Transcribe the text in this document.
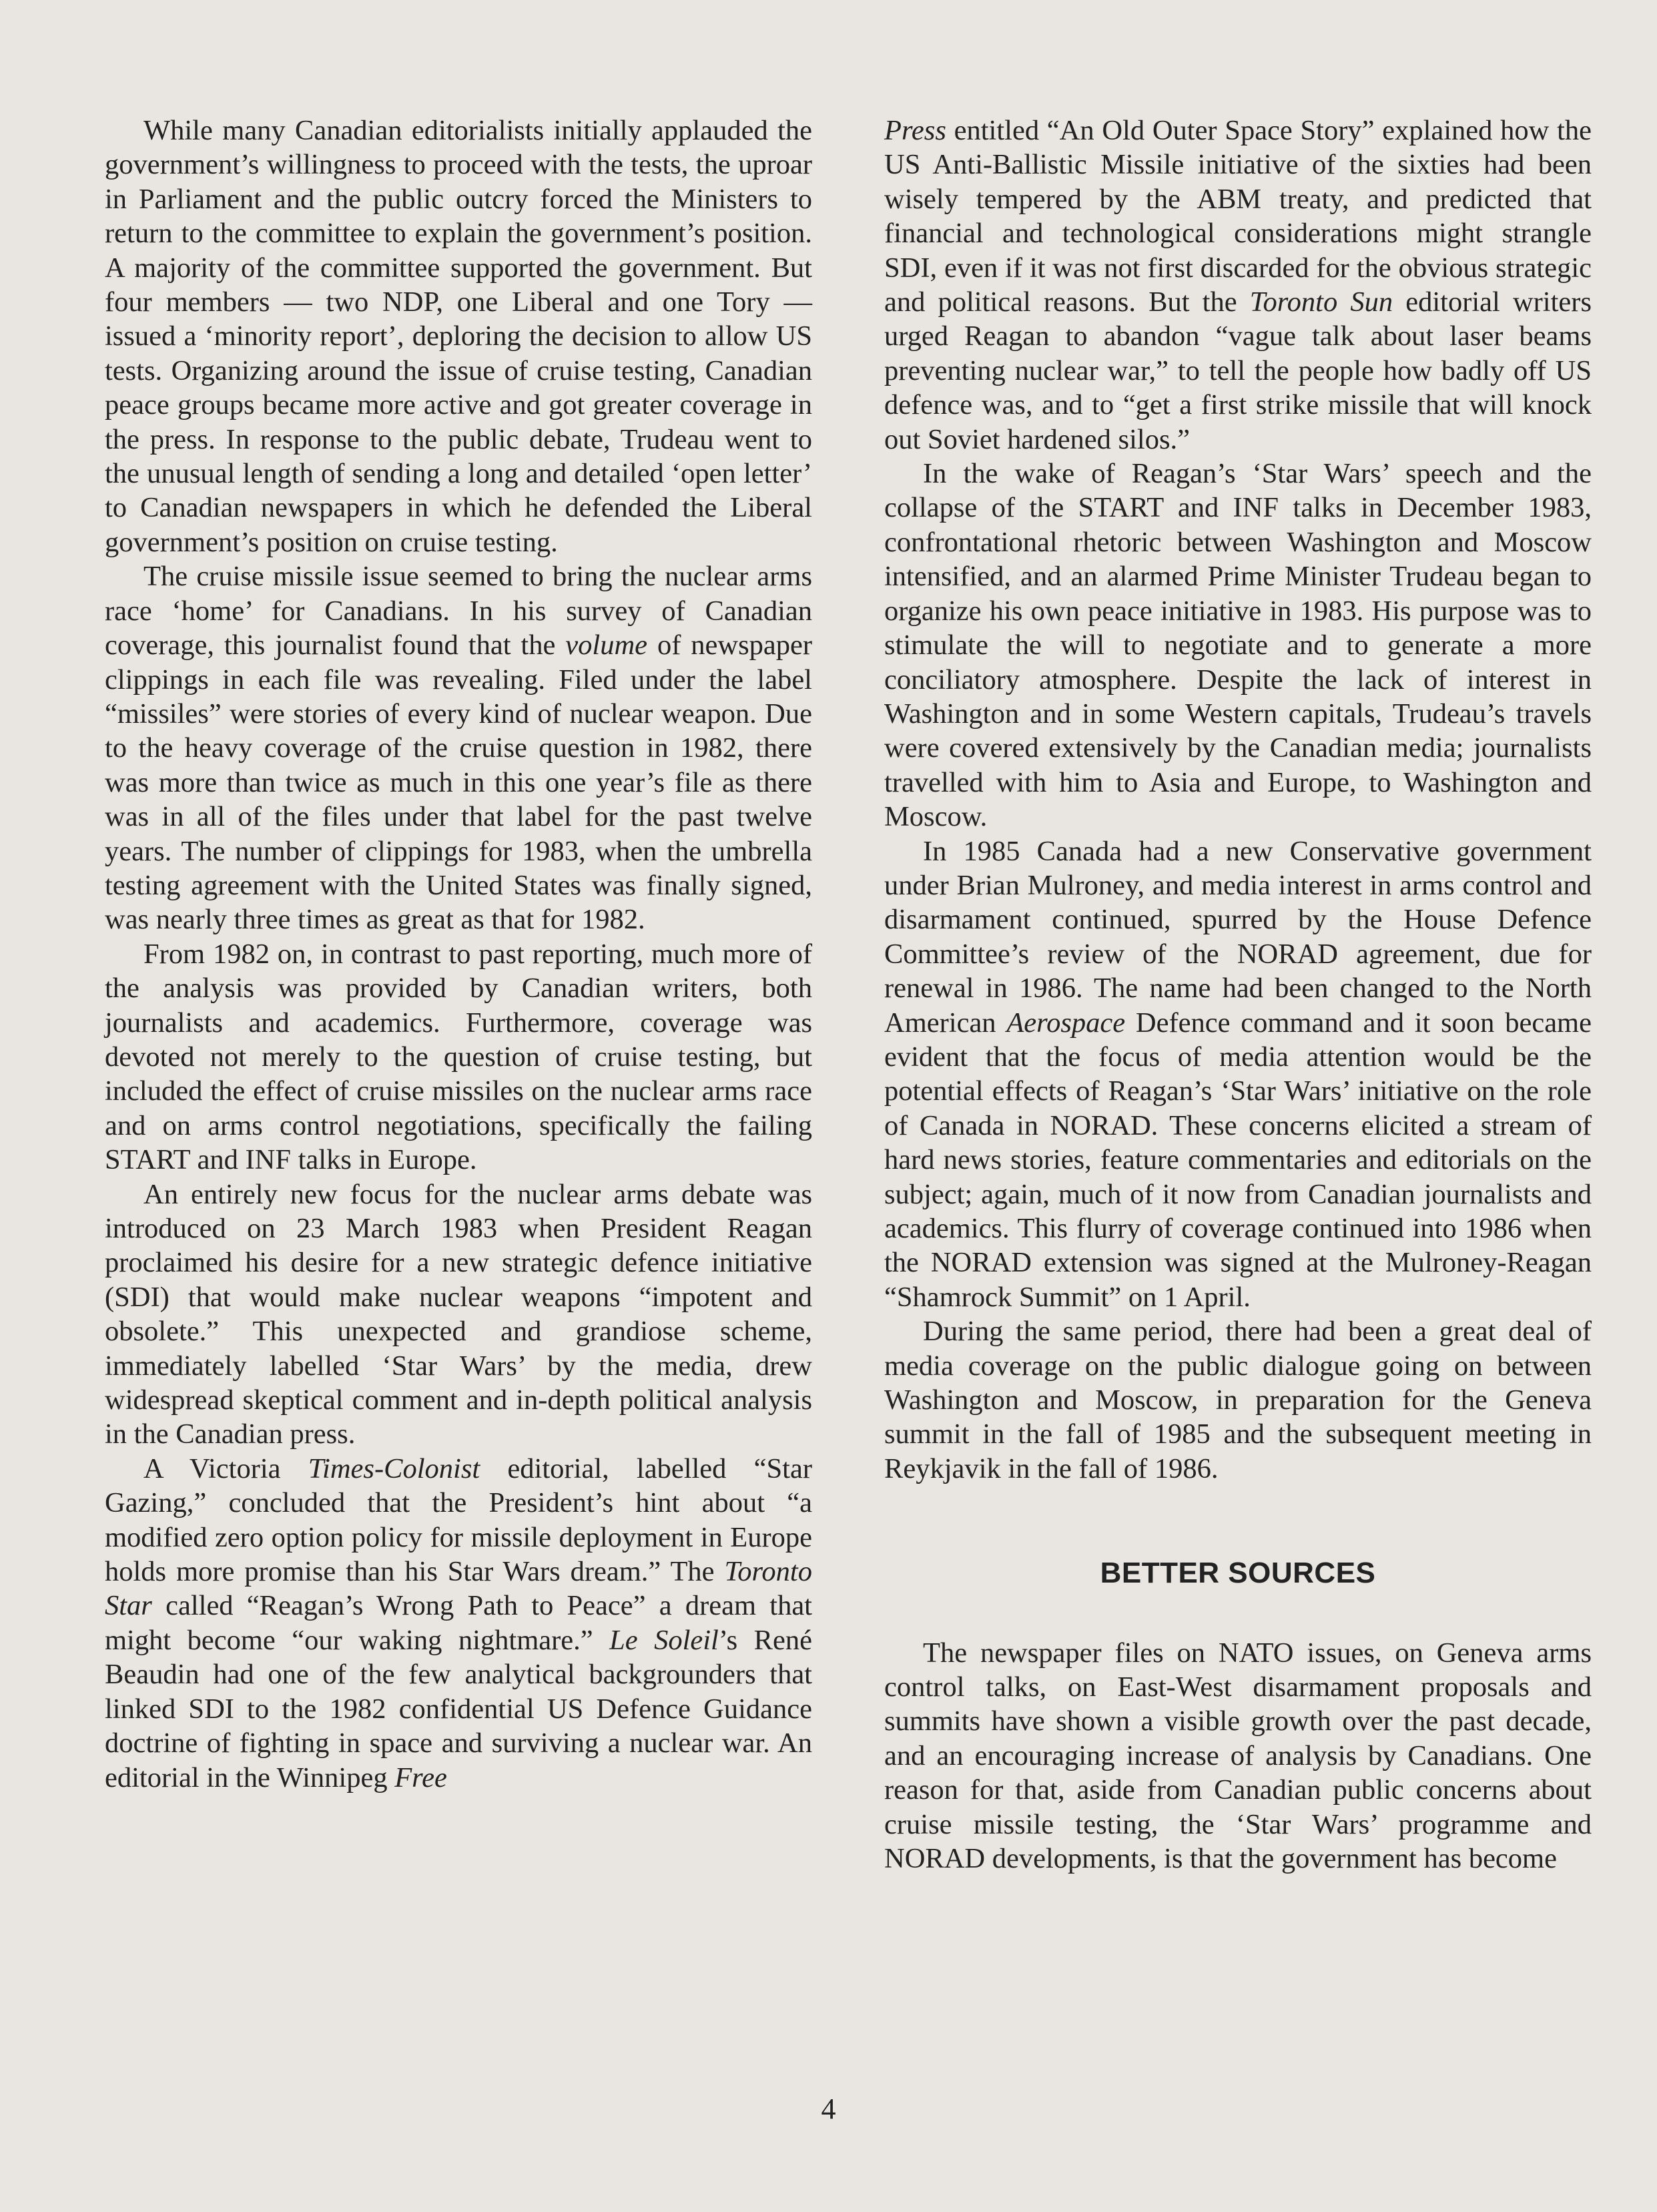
While many Canadian editorialists initially applauded the government’s willingness to proceed with the tests, the uproar in Parliament and the public outcry forced the Ministers to return to the committee to explain the government’s position. A majority of the committee supported the government. But four members — two NDP, one Liberal and one Tory — issued a ‘minority report’, deploring the decision to allow US tests. Organizing around the issue of cruise testing, Canadian peace groups became more active and got greater coverage in the press. In response to the public debate, Trudeau went to the unusual length of sending a long and detailed ‘open letter’ to Canadian newspapers in which he defended the Liberal government’s position on cruise testing.

The cruise missile issue seemed to bring the nuclear arms race ‘home’ for Canadians. In his survey of Canadian coverage, this journalist found that the volume of newspaper clippings in each file was revealing. Filed under the label “missiles” were stories of every kind of nuclear weapon. Due to the heavy coverage of the cruise question in 1982, there was more than twice as much in this one year’s file as there was in all of the files under that label for the past twelve years. The number of clippings for 1983, when the umbrella testing agreement with the United States was finally signed, was nearly three times as great as that for 1982.

From 1982 on, in contrast to past reporting, much more of the analysis was provided by Canadian writers, both journalists and academics. Furthermore, coverage was devoted not merely to the question of cruise testing, but included the effect of cruise missiles on the nuclear arms race and on arms control negotiations, specifically the failing START and INF talks in Europe.

An entirely new focus for the nuclear arms debate was introduced on 23 March 1983 when President Reagan proclaimed his desire for a new strategic defence initiative (SDI) that would make nuclear weapons “impotent and obsolete.” This unexpected and grandiose scheme, immediately labelled ‘Star Wars’ by the media, drew widespread skeptical comment and in-depth political analysis in the Canadian press.

A Victoria Times-Colonist editorial, labelled “Star Gazing,” concluded that the President’s hint about “a modified zero option policy for missile deployment in Europe holds more promise than his Star Wars dream.” The Toronto Star called “Reagan’s Wrong Path to Peace” a dream that might become “our waking nightmare.” Le Soleil’s René Beaudin had one of the few analytical backgrounders that linked SDI to the 1982 confidential US Defence Guidance doctrine of fighting in space and surviving a nuclear war. An editorial in the Winnipeg Free

Press entitled “An Old Outer Space Story” explained how the US Anti-Ballistic Missile initiative of the sixties had been wisely tempered by the ABM treaty, and predicted that financial and technological considerations might strangle SDI, even if it was not first discarded for the obvious strategic and political reasons. But the Toronto Sun editorial writers urged Reagan to abandon “vague talk about laser beams preventing nuclear war,” to tell the people how badly off US defence was, and to “get a first strike missile that will knock out Soviet hardened silos.”

In the wake of Reagan’s ‘Star Wars’ speech and the collapse of the START and INF talks in December 1983, confrontational rhetoric between Washington and Moscow intensified, and an alarmed Prime Minister Trudeau began to organize his own peace initiative in 1983. His purpose was to stimulate the will to negotiate and to generate a more conciliatory atmosphere. Despite the lack of interest in Washington and in some Western capitals, Trudeau’s travels were covered extensively by the Canadian media; journalists travelled with him to Asia and Europe, to Washington and Moscow.

In 1985 Canada had a new Conservative government under Brian Mulroney, and media interest in arms control and disarmament continued, spurred by the House Defence Committee’s review of the NORAD agreement, due for renewal in 1986. The name had been changed to the North American Aerospace Defence command and it soon became evident that the focus of media attention would be the potential effects of Reagan’s ‘Star Wars’ initiative on the role of Canada in NORAD. These concerns elicited a stream of hard news stories, feature commentaries and editorials on the subject; again, much of it now from Canadian journalists and academics. This flurry of coverage continued into 1986 when the NORAD extension was signed at the Mulroney-Reagan “Shamrock Summit” on 1 April.

During the same period, there had been a great deal of media coverage on the public dialogue going on between Washington and Moscow, in preparation for the Geneva summit in the fall of 1985 and the subsequent meeting in Reykjavik in the fall of 1986.

BETTER SOURCES

The newspaper files on NATO issues, on Geneva arms control talks, on East-West disarmament proposals and summits have shown a visible growth over the past decade, and an encouraging increase of analysis by Canadians. One reason for that, aside from Canadian public concerns about cruise missile testing, the ‘Star Wars’ programme and NORAD developments, is that the government has become

4
